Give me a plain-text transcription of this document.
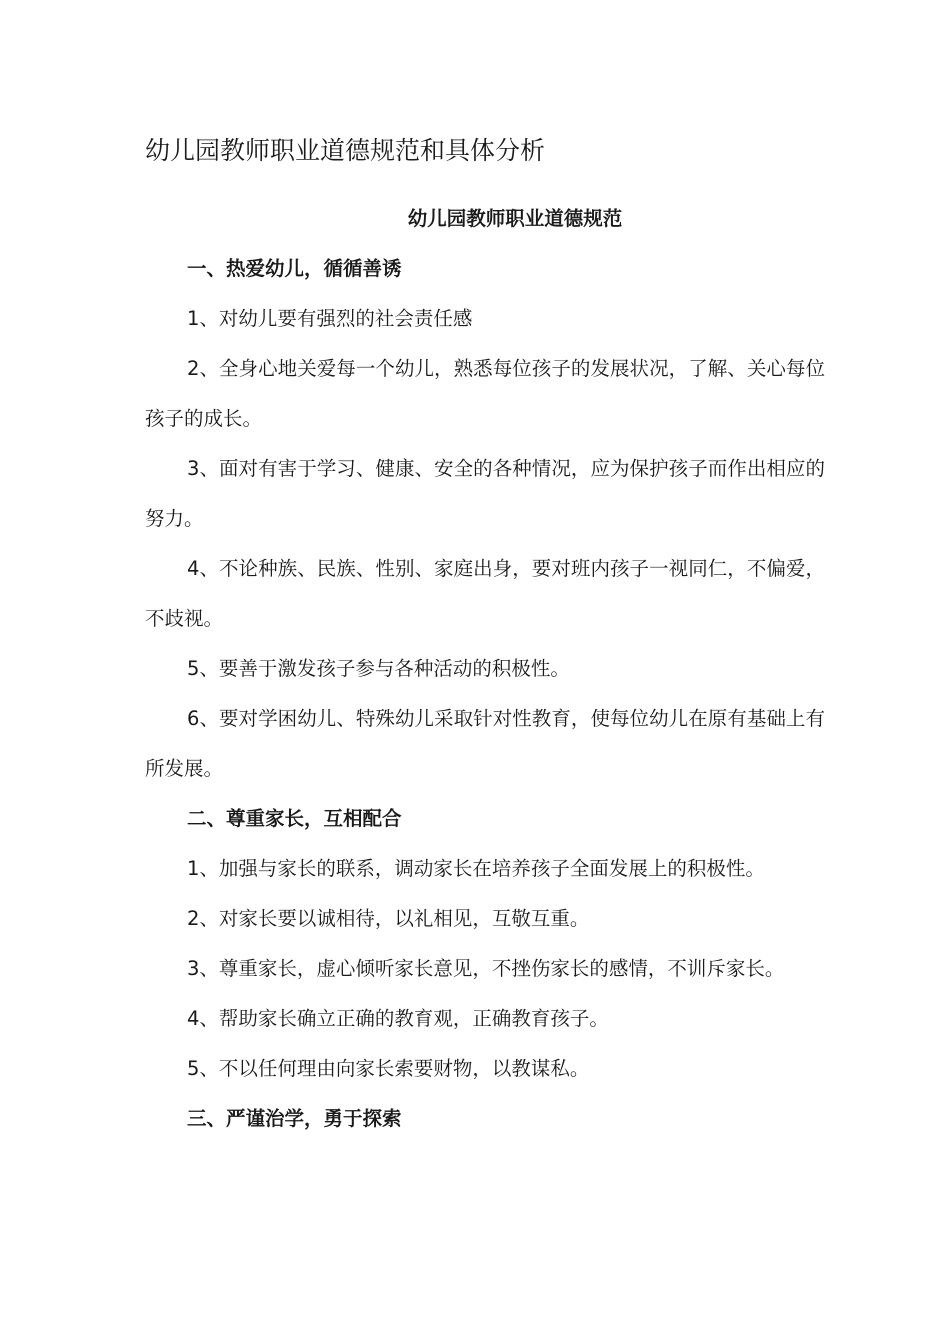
幼儿园教师职业道德规范和具体分析

幼儿园教师职业道德规范

一、热爱幼儿，循循善诱

1、对幼儿要有强烈的社会责任感

2、全身心地关爱每一个幼儿，熟悉每位孩子的发展状况，了解、关心每位孩子的成长。

3、面对有害于学习、健康、安全的各种情况，应为保护孩子而作出相应的努力。

4、不论种族、民族、性别、家庭出身，要对班内孩子一视同仁，不偏爱，不歧视。

5、要善于激发孩子参与各种活动的积极性。

6、要对学困幼儿、特殊幼儿采取针对性教育，使每位幼儿在原有基础上有所发展。

二、尊重家长，互相配合

1、加强与家长的联系，调动家长在培养孩子全面发展上的积极性。

2、对家长要以诚相待，以礼相见，互敬互重。

3、尊重家长，虚心倾听家长意见，不挫伤家长的感情，不训斥家长。

4、帮助家长确立正确的教育观，正确教育孩子。

5、不以任何理由向家长索要财物，以教谋私。

三、严谨治学，勇于探索
